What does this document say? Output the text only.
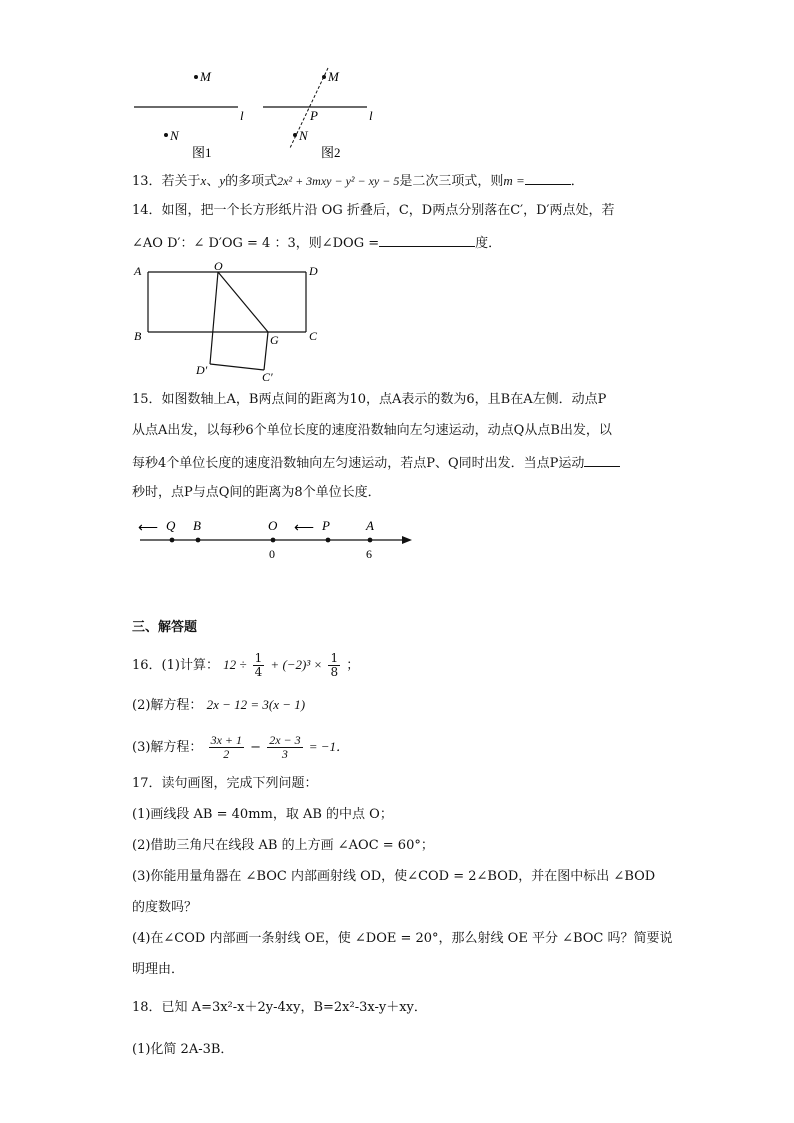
M
N
l
图1
M
N
P	l
图2
13．若关于x、y的多项式2x² + 3mxy − y² − xy − 5是二次三项式，则m =	．
14．如图，把一个长方形纸片沿 OG 折叠后，C，D两点分别落在C′，D′两点处，若
∠AO D′：∠ D′OG = 4 ：3，则∠DOG =	度．
A	O	D
B	G	C
D′	C′
15．如图数轴上A，B两点间的距离为10，点A表示的数为6，且B在A左侧．动点P
从点A出发，以每秒6个单位长度的速度沿数轴向左匀速运动，动点Q从点B出发，以
每秒4个单位长度的速度沿数轴向左匀速运动，若点P、Q同时出发．当点P运动
秒时，点P与点Q间的距离为8个单位长度．
⟵ Q B	O ⟵ P	A
0	6
三、解答题
16．(1)计算： $12 \div \frac{1}{4} + (-2)^3 \times \frac{1}{8}$ ；
(2)解方程： 2x − 12 = 3(x − 1)
(3)解方程： $\frac{3x + 1}{2} - \frac{2x - 3}{3} = -1$．
17．读句画图，完成下列问题：
(1)画线段 AB = 40mm，取 AB 的中点 O；
(2)借助三角尺在线段 AB 的上方画 ∠AOC = 60°；
(3)你能用量角器在 ∠BOC 内部画射线 OD，使∠COD = 2∠BOD，并在图中标出 ∠BOD
的度数吗？
(4)在∠COD 内部画一条射线 OE，使 ∠DOE = 20°，那么射线 OE 平分 ∠BOC 吗？简要说
明理由．
18．已知 A=3x²-x＋2y-4xy，B=2x²-3x-y＋xy．
(1)化简 2A-3B．
